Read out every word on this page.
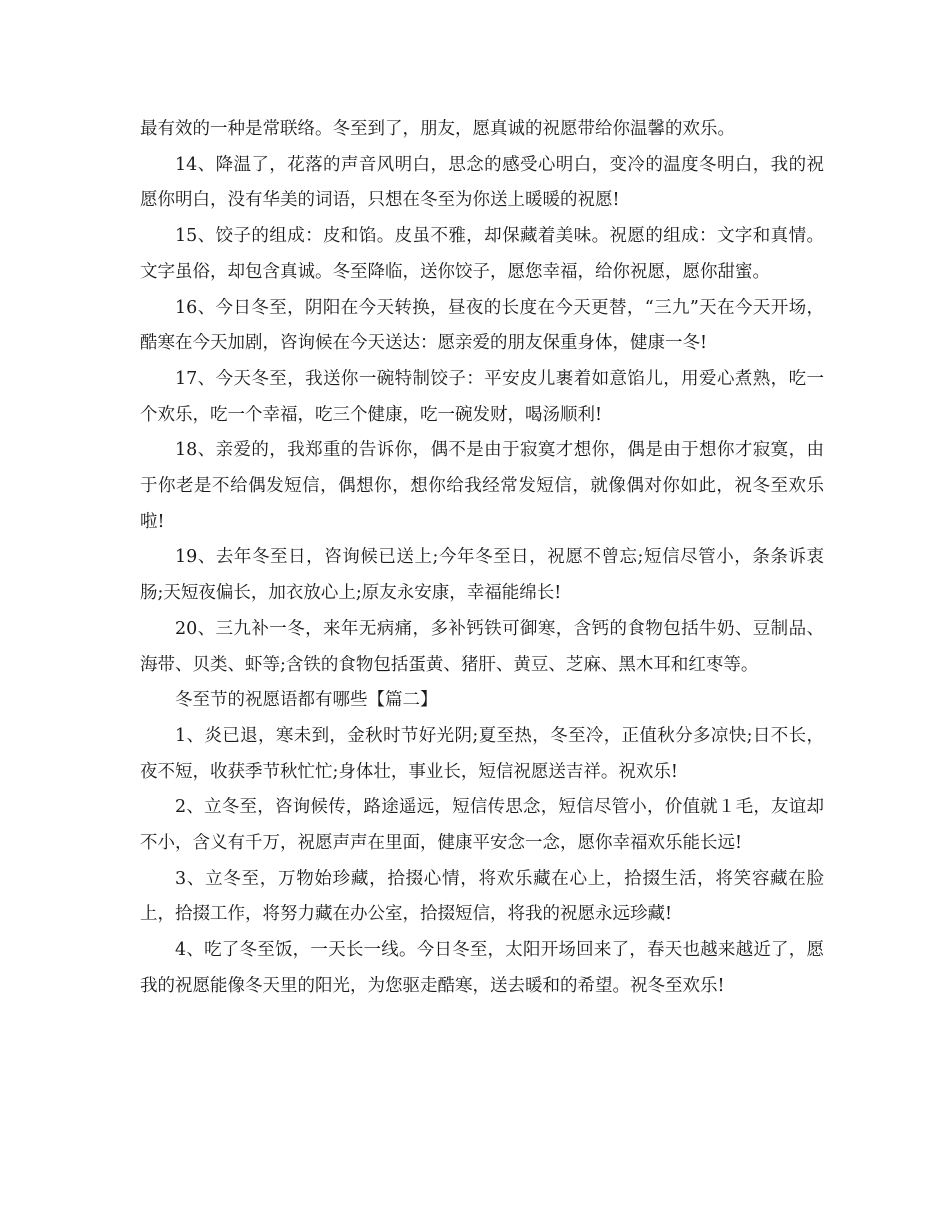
最有效的一种是常联络。冬至到了，朋友，愿真诚的祝愿带给你温馨的欢乐。

14、降温了，花落的声音风明白，思念的感受心明白，变冷的温度冬明白，我的祝愿你明白，没有华美的词语，只想在冬至为你送上暖暖的祝愿!

15、饺子的组成：皮和馅。皮虽不雅，却保藏着美味。祝愿的组成：文字和真情。文字虽俗，却包含真诚。冬至降临，送你饺子，愿您幸福，给你祝愿，愿你甜蜜。

16、今日冬至，阴阳在今天转换，昼夜的长度在今天更替，“三九”天在今天开场，酷寒在今天加剧，咨询候在今天送达：愿亲爱的朋友保重身体，健康一冬!

17、今天冬至，我送你一碗特制饺子：平安皮儿裹着如意馅儿，用爱心煮熟，吃一个欢乐，吃一个幸福，吃三个健康，吃一碗发财，喝汤顺利!

18、亲爱的，我郑重的告诉你，偶不是由于寂寞才想你，偶是由于想你才寂寞，由于你老是不给偶发短信，偶想你，想你给我经常发短信，就像偶对你如此，祝冬至欢乐啦!

19、去年冬至日，咨询候已送上;今年冬至日，祝愿不曾忘;短信尽管小，条条诉衷肠;天短夜偏长，加衣放心上;原友永安康，幸福能绵长!

20、三九补一冬，来年无病痛，多补钙铁可御寒，含钙的食物包括牛奶、豆制品、海带、贝类、虾等;含铁的食物包括蛋黄、猪肝、黄豆、芝麻、黑木耳和红枣等。

冬至节的祝愿语都有哪些【篇二】

1、炎已退，寒未到，金秋时节好光阴;夏至热，冬至冷，正值秋分多凉快;日不长，夜不短，收获季节秋忙忙;身体壮，事业长，短信祝愿送吉祥。祝欢乐!

2、立冬至，咨询候传，路途遥远，短信传思念，短信尽管小，价值就１毛，友谊却不小，含义有千万，祝愿声声在里面，健康平安念一念，愿你幸福欢乐能长远!

3、立冬至，万物始珍藏，拾掇心情，将欢乐藏在心上，拾掇生活，将笑容藏在脸上，拾掇工作，将努力藏在办公室，拾掇短信，将我的祝愿永远珍藏!

4、吃了冬至饭，一天长一线。今日冬至，太阳开场回来了，春天也越来越近了，愿我的祝愿能像冬天里的阳光，为您驱走酷寒，送去暖和的希望。祝冬至欢乐!
